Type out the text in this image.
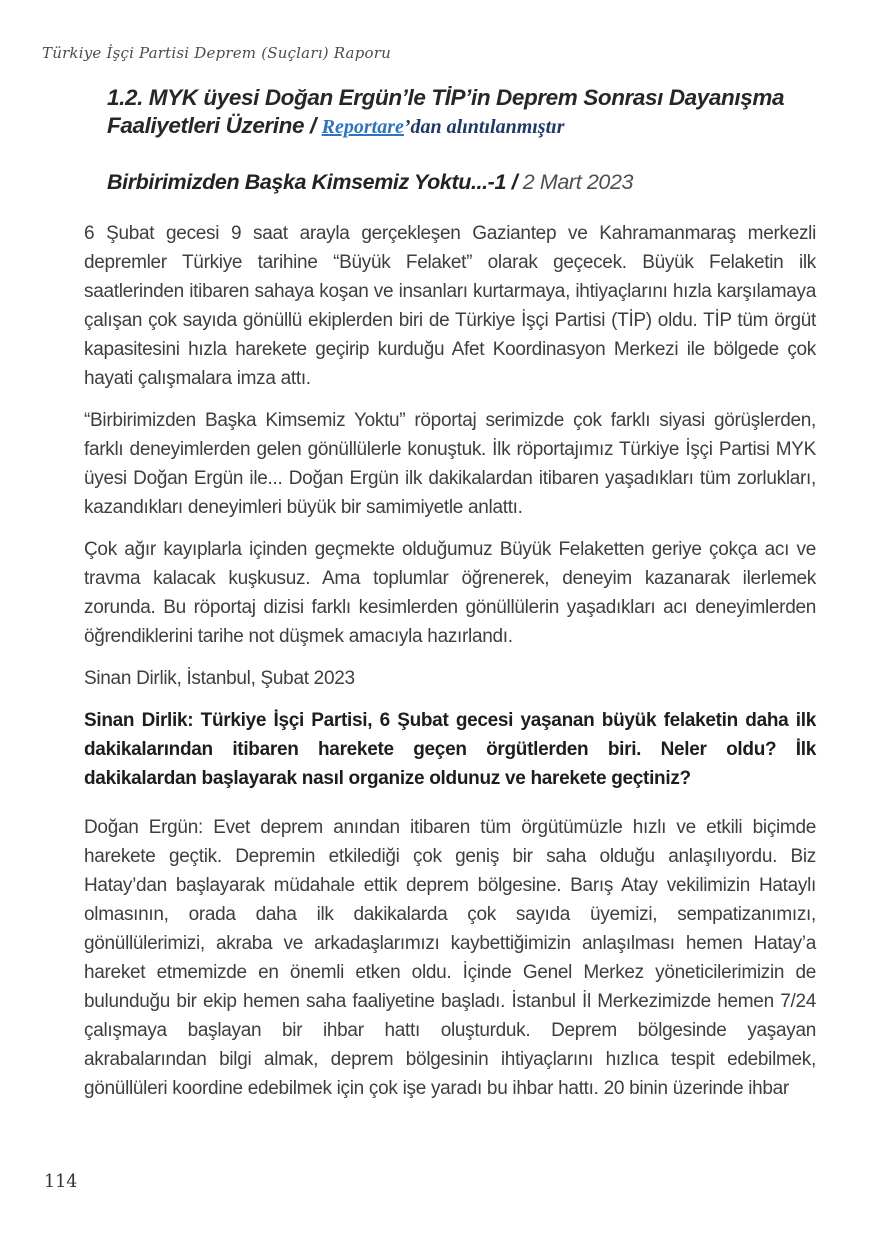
Türkiye İşçi Partisi Deprem (Suçları) Raporu
1.2. MYK üyesi Doğan Ergün’le TİP’in Deprem Sonrası Dayanışma Faaliyetleri Üzerine / Reportare’dan alıntılanmıştır
Birbirimizden Başka Kimsemiz Yoktu...-1 / 2 Mart 2023

6 Şubat gecesi 9 saat arayla gerçekleşen Gaziantep ve Kahramanmaraş merkezli depremler Türkiye tarihine “Büyük Felaket” olarak geçecek. Büyük Felaketin ilk saatlerinden itibaren sahaya koşan ve insanları kurtarmaya, ihtiyaçlarını hızla karşılamaya çalışan çok sayıda gönüllü ekiplerden biri de Türkiye İşçi Partisi (TİP) oldu. TİP tüm örgüt kapasitesini hızla harekete geçirip kurduğu Afet Koordinasyon Merkezi ile bölgede çok hayati çalışmalara imza attı.

“Birbirimizden Başka Kimsemiz Yoktu” röportaj serimizde çok farklı siyasi görüşlerden, farklı deneyimlerden gelen gönüllülerle konuştuk. İlk röportajımız Türkiye İşçi Partisi MYK üyesi Doğan Ergün ile... Doğan Ergün ilk dakikalardan itibaren yaşadıkları tüm zorlukları, kazandıkları deneyimleri büyük bir samimiyetle anlattı.

Çok ağır kayıplarla içinden geçmekte olduğumuz Büyük Felaketten geriye çokça acı ve travma kalacak kuşkusuz. Ama toplumlar öğrenerek, deneyim kazanarak ilerlemek zorunda. Bu röportaj dizisi farklı kesimlerden gönüllülerin yaşadıkları acı deneyimlerden öğrendiklerini tarihe not düşmek amacıyla hazırlandı.

Sinan Dirlik, İstanbul, Şubat 2023

Sinan Dirlik: Türkiye İşçi Partisi, 6 Şubat gecesi yaşanan büyük felaketin daha ilk dakikalarından itibaren harekete geçen örgütlerden biri. Neler oldu? İlk dakikalardan başlayarak nasıl organize oldunuz ve harekete geçtiniz?

Doğan Ergün: Evet deprem anından itibaren tüm örgütümüzle hızlı ve etkili biçimde harekete geçtik. Depremin etkilediği çok geniş bir saha olduğu anlaşılıyordu. Biz Hatay’dan başlayarak müdahale ettik deprem bölgesine. Barış Atay vekilimizin Hataylı olmasının, orada daha ilk dakikalarda çok sayıda üyemizi, sempatizanımızı, gönüllülerimizi, akraba ve arkadaşlarımızı kaybettiğimizin anlaşılması hemen Hatay’a hareket etmemizde en önemli etken oldu. İçinde Genel Merkez yöneticilerimizin de bulunduğu bir ekip hemen saha faaliyetine başladı. İstanbul İl Merkezimizde hemen 7/24 çalışmaya başlayan bir ihbar hattı oluşturduk. Deprem bölgesinde yaşayan akrabalarından bilgi almak, deprem bölgesinin ihtiyaçlarını hızlıca tespit edebilmek, gönüllüleri koordine edebilmek için çok işe yaradı bu ihbar hattı. 20 binin üzerinde ihbar

114
